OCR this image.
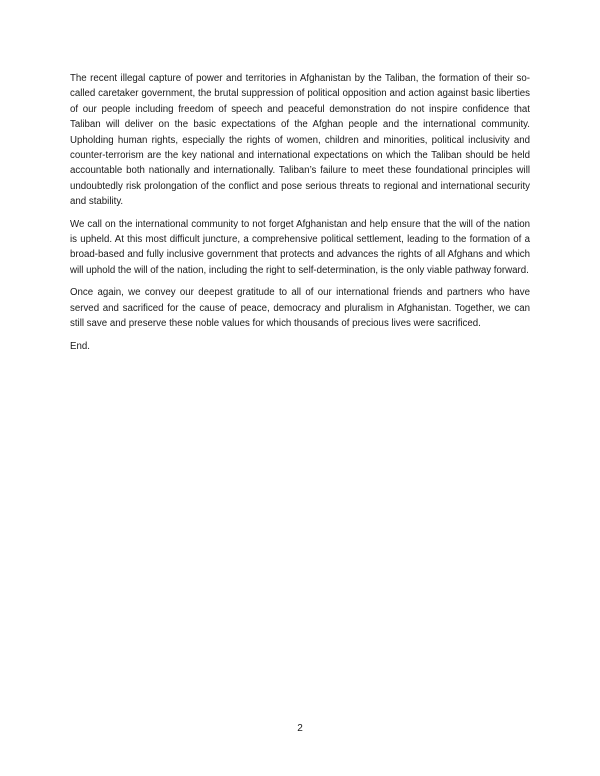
The recent illegal capture of power and territories in Afghanistan by the Taliban, the formation of their so-called caretaker government, the brutal suppression of political opposition and action against basic liberties of our people including freedom of speech and peaceful demonstration do not inspire confidence that Taliban will deliver on the basic expectations of the Afghan people and the international community. Upholding human rights, especially the rights of women, children and minorities, political inclusivity and counter-terrorism are the key national and international expectations on which the Taliban should be held accountable both nationally and internationally. Taliban’s failure to meet these foundational principles will undoubtedly risk prolongation of the conflict and pose serious threats to regional and international security and stability.

We call on the international community to not forget Afghanistan and help ensure that the will of the nation is upheld. At this most difficult juncture, a comprehensive political settlement, leading to the formation of a broad-based and fully inclusive government that protects and advances the rights of all Afghans and which will uphold the will of the nation, including the right to self-determination, is the only viable pathway forward.

Once again, we convey our deepest gratitude to all of our international friends and partners who have served and sacrificed for the cause of peace, democracy and pluralism in Afghanistan. Together, we can still save and preserve these noble values for which thousands of precious lives were sacrificed.

End.

2
